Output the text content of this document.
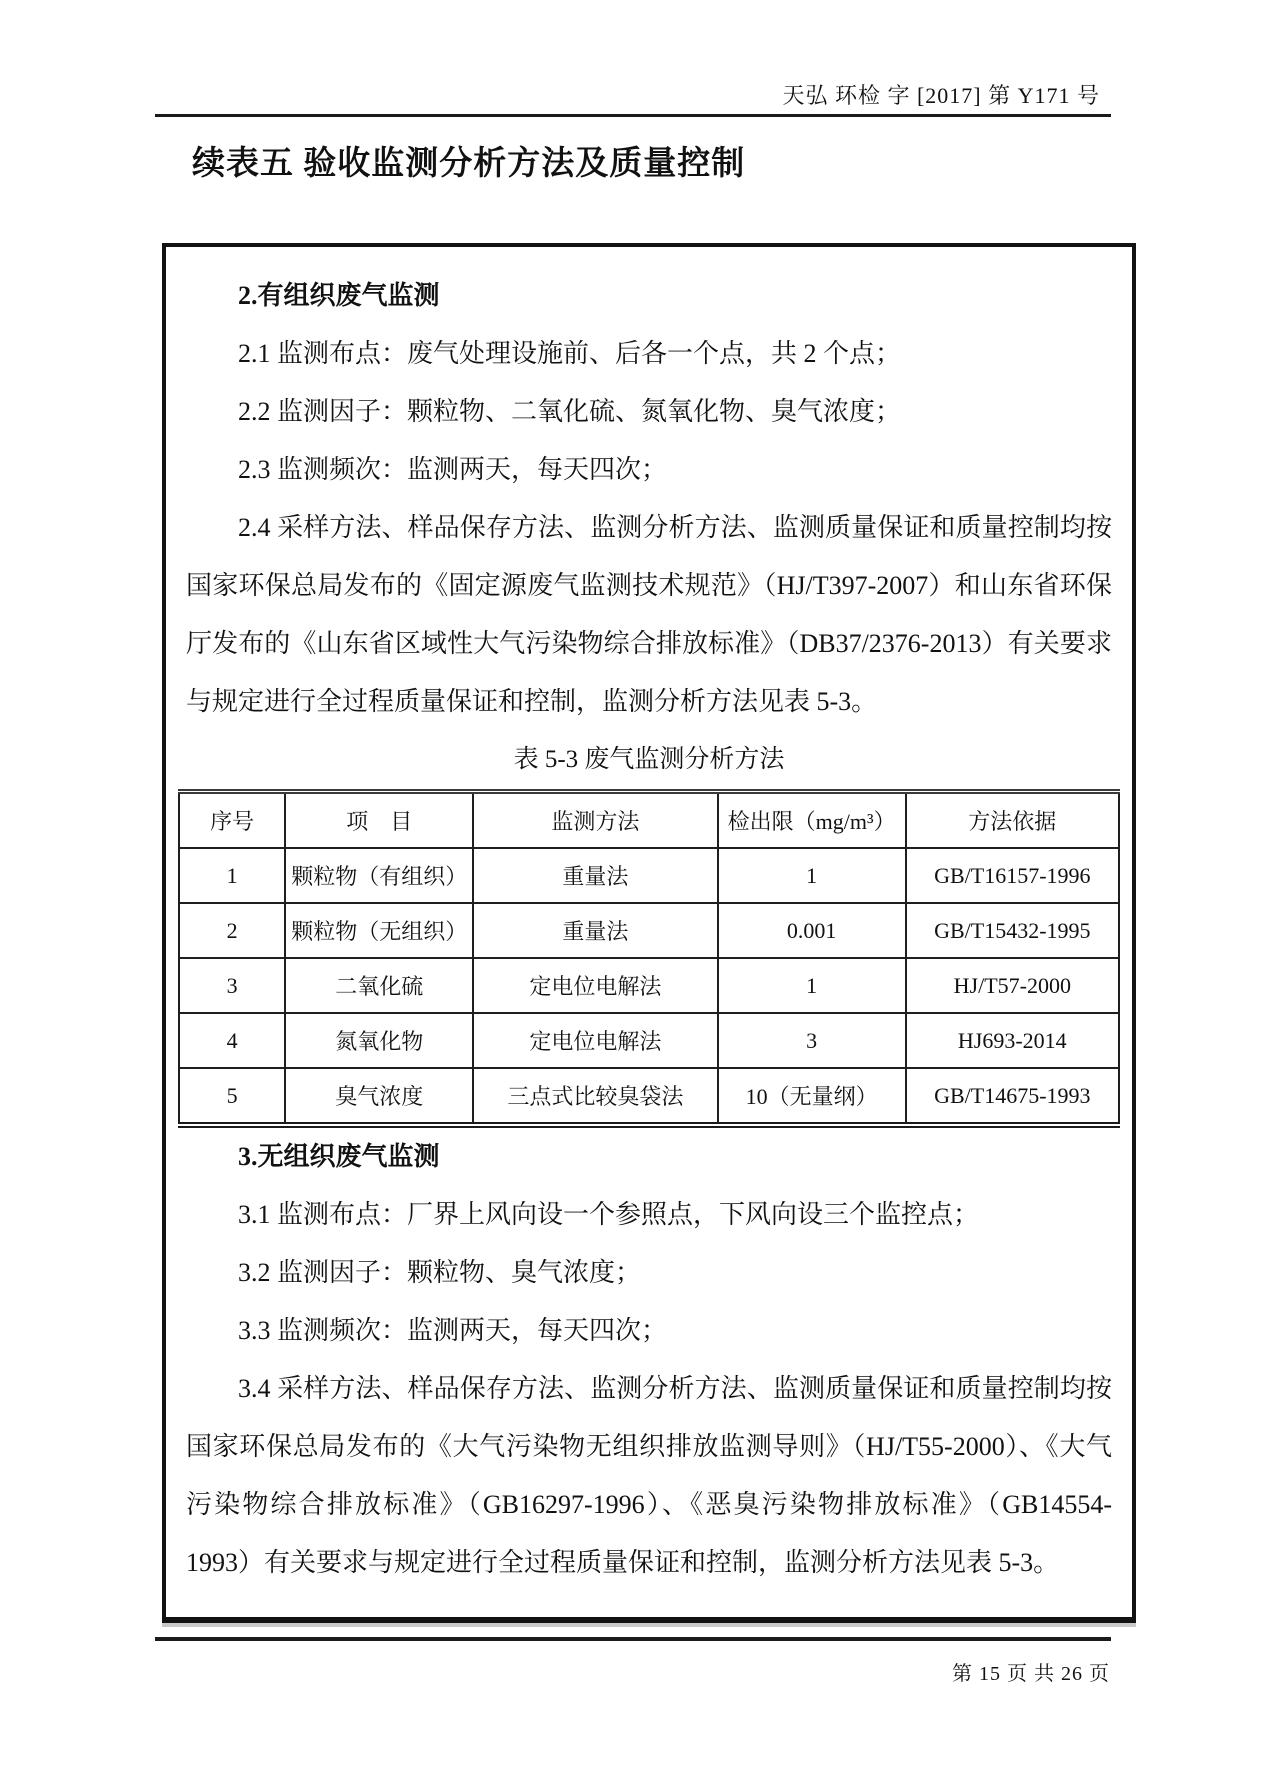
天弘 环检 字 [2017] 第 Y171 号
续表五 验收监测分析方法及质量控制

2.有组织废气监测

2.1 监测布点：废气处理设施前、后各一个点，共 2 个点；

2.2 监测因子：颗粒物、二氧化硫、氮氧化物、臭气浓度；

2.3 监测频次：监测两天，每天四次；

2.4 采样方法、样品保存方法、监测分析方法、监测质量保证和质量控制均按国家环保总局发布的《固定源废气监测技术规范》（HJ/T397-2007）和山东省环保厅发布的《山东省区域性大气污染物综合排放标准》（DB37/2376-2013）有关要求与规定进行全过程质量保证和控制，监测分析方法见表 5-3。

表 5-3 废气监测分析方法

序号	项　目	监测方法	检出限（mg/m³）	方法依据
1	颗粒物（有组织）	重量法	1	GB/T16157-1996
2	颗粒物（无组织）	重量法	0.001	GB/T15432-1995
3	二氧化硫	定电位电解法	1	HJ/T57-2000
4	氮氧化物	定电位电解法	3	HJ693-2014
5	臭气浓度	三点式比较臭袋法	10（无量纲）	GB/T14675-1993

3.无组织废气监测

3.1 监测布点：厂界上风向设一个参照点，下风向设三个监控点；

3.2 监测因子：颗粒物、臭气浓度；

3.3 监测频次：监测两天，每天四次；

3.4 采样方法、样品保存方法、监测分析方法、监测质量保证和质量控制均按国家环保总局发布的《大气污染物无组织排放监测导则》（HJ/T55-2000）、《大气污染物综合排放标准》（GB16297-1996）、《恶臭污染物排放标准》（GB14554-1993）有关要求与规定进行全过程质量保证和控制，监测分析方法见表 5-3。

第 15 页 共 26 页
